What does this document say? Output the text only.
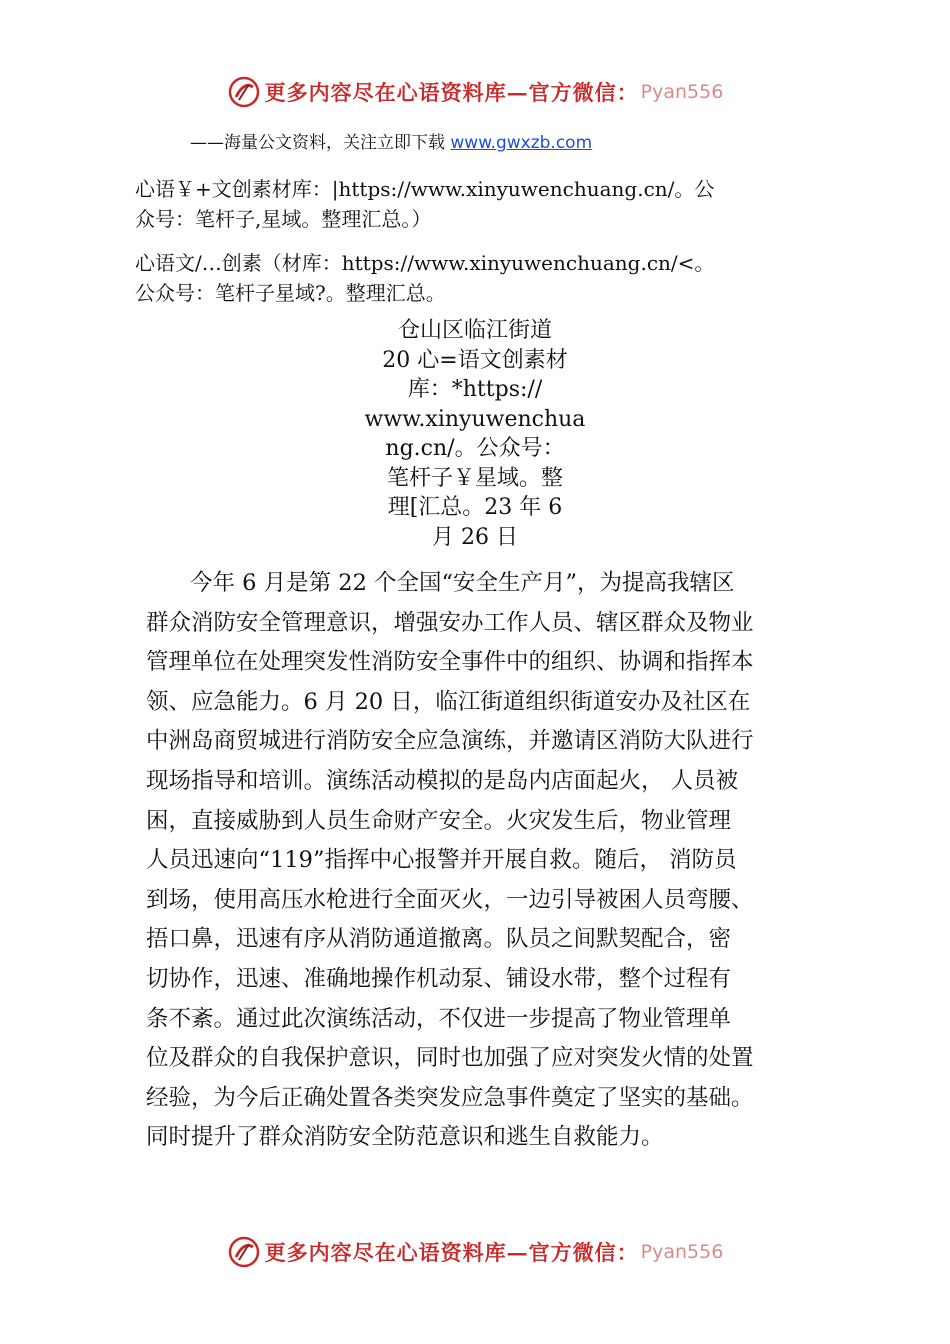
更多内容尽在心语资料库—官方微信： Pyan556
——海量公文资料，关注立即下载 www.gwxzb.com
心语￥+文创素材库：|https://www.xinyuwenchuang.cn/。公
众号：笔杆子,星域。整理汇总。）
心语文/…创素（材库：https://www.xinyuwenchuang.cn/<。
公众号：笔杆子星域?。整理汇总。
仓山区临江街道
20 心=语文创素材
库：*https://
www.xinyuwenchua
ng.cn/。公众号：
笔杆子￥星域。整
理[汇总。23 年 6
月 26 日
今年 6 月是第 22 个全国“安全生产月”，为提高我辖区
群众消防安全管理意识，增强安办工作人员、辖区群众及物业
管理单位在处理突发性消防安全事件中的组织、协调和指挥本
领、应急能力。6 月 20 日，临江街道组织街道安办及社区在
中洲岛商贸城进行消防安全应急演练，并邀请区消防大队进行
现场指导和培训。演练活动模拟的是岛内店面起火， 人员被
困，直接威胁到人员生命财产安全。火灾发生后，物业管理
人员迅速向“119”指挥中心报警并开展自救。随后， 消防员
到场，使用高压水枪进行全面灭火，一边引导被困人员弯腰、
捂口鼻，迅速有序从消防通道撤离。队员之间默契配合，密
切协作，迅速、准确地操作机动泵、铺设水带，整个过程有
条不紊。通过此次演练活动，不仅进一步提高了物业管理单
位及群众的自我保护意识，同时也加强了应对突发火情的处置
经验，为今后正确处置各类突发应急事件奠定了坚实的基础。
同时提升了群众消防安全防范意识和逃生自救能力。
更多内容尽在心语资料库—官方微信： Pyan556
